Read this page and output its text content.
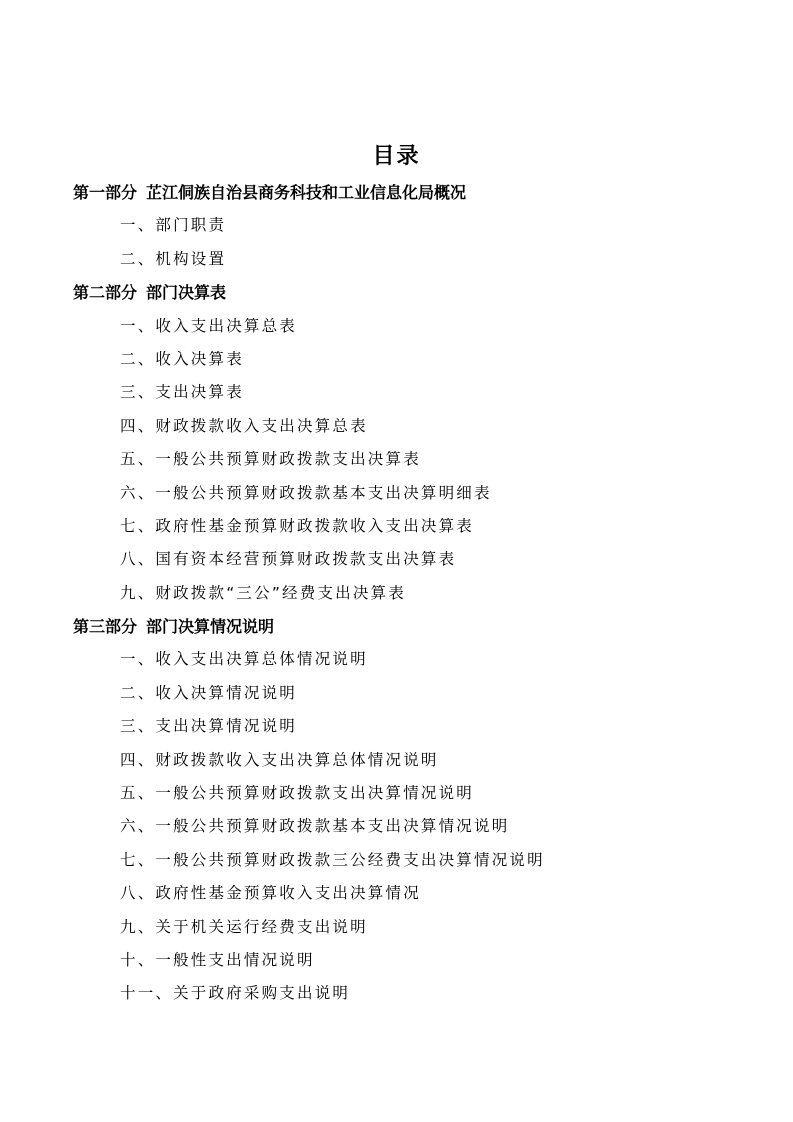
目录
第一部分 芷江侗族自治县商务科技和工业信息化局概况
一、部门职责
二、机构设置
第二部分 部门决算表
一、收入支出决算总表
二、收入决算表
三、支出决算表
四、财政拨款收入支出决算总表
五、一般公共预算财政拨款支出决算表
六、一般公共预算财政拨款基本支出决算明细表
七、政府性基金预算财政拨款收入支出决算表
八、国有资本经营预算财政拨款支出决算表
九、财政拨款“三公”经费支出决算表
第三部分 部门决算情况说明
一、收入支出决算总体情况说明
二、收入决算情况说明
三、支出决算情况说明
四、财政拨款收入支出决算总体情况说明
五、一般公共预算财政拨款支出决算情况说明
六、一般公共预算财政拨款基本支出决算情况说明
七、一般公共预算财政拨款三公经费支出决算情况说明
八、政府性基金预算收入支出决算情况
九、关于机关运行经费支出说明
十、一般性支出情况说明
十一、关于政府采购支出说明
